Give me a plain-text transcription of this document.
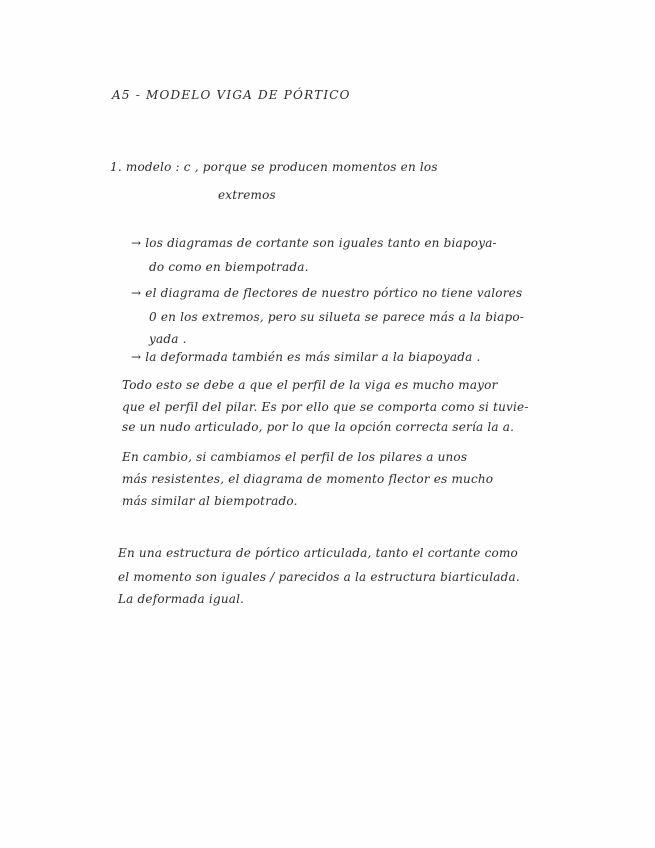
A5 - MODELO VIGA DE PÓRTICO
1. modelo : c , porque se producen momentos en los
extremos
→ los diagramas de cortante son iguales tanto en biapoya-
do como en biempotrada.
→ el diagrama de flectores de nuestro pórtico no tiene valores
0 en los extremos, pero su silueta se parece más a la biapo-
yada .
→ la deformada también es más similar a la biapoyada .
Todo esto se debe a que el perfil de la viga es mucho mayor
que el perfil del pilar. Es por ello que se comporta como si tuvie-
se un nudo articulado, por lo que la opción correcta sería la a.
En cambio, si cambiamos el perfil de los pilares a unos
más resistentes, el diagrama de momento flector es mucho
más similar al biempotrado.
En una estructura de pórtico articulada, tanto el cortante como
el momento son iguales / parecidos a la estructura biarticulada.
La deformada igual.
